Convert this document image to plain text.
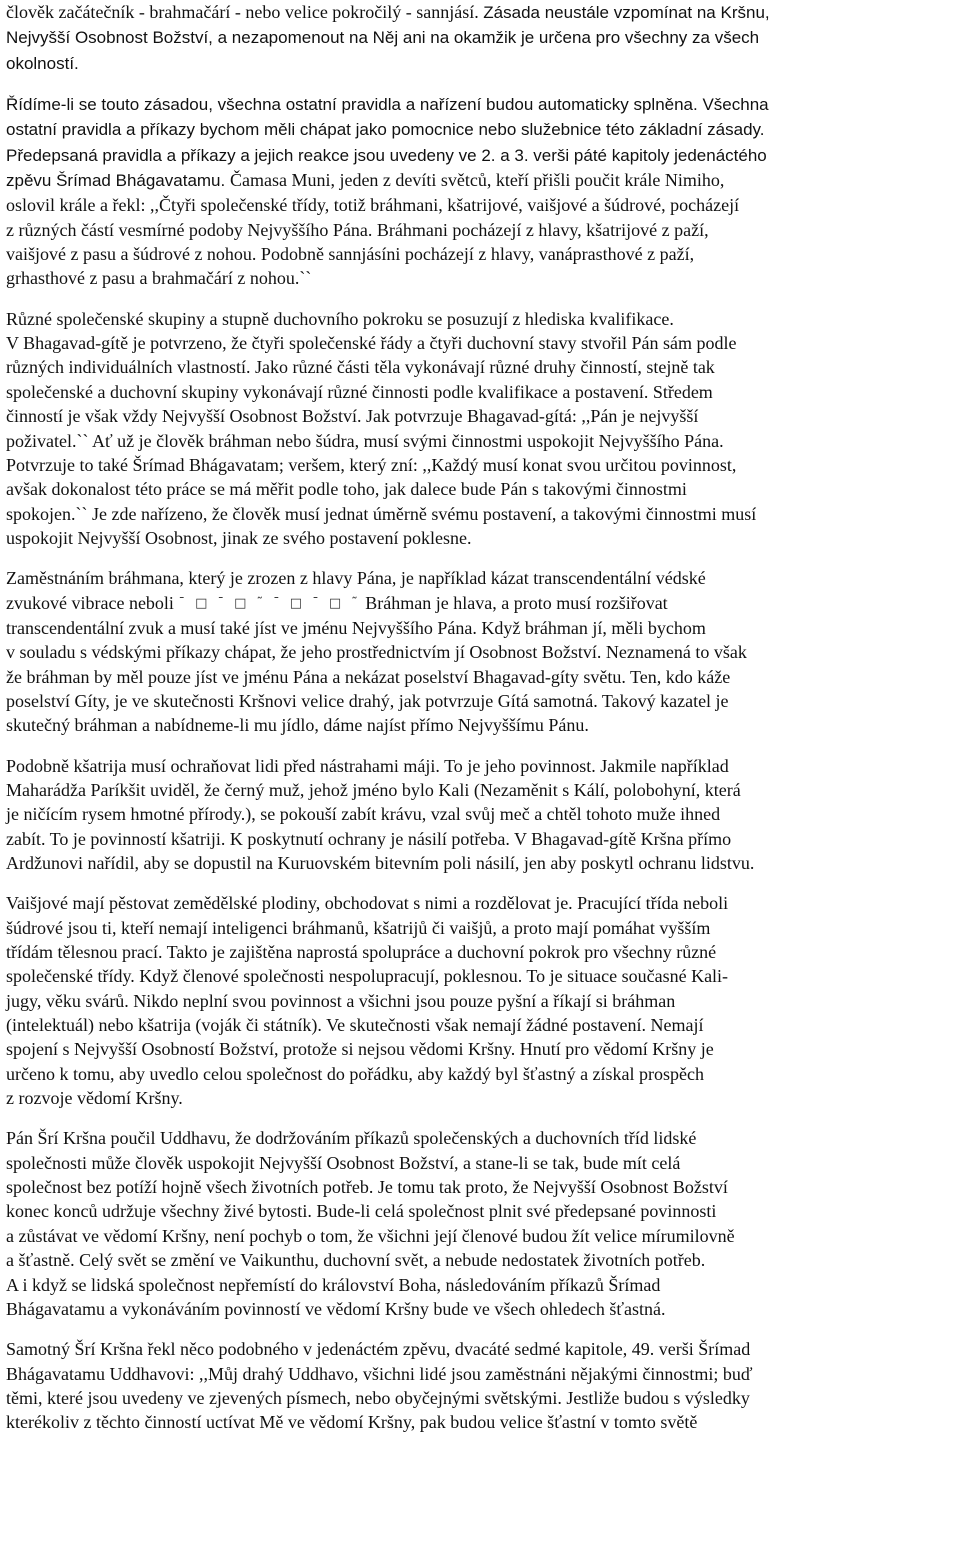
člověk začátečník - brahmačárí - nebo velice pokročilý - sannjásí. Zásada neustále vzpomínat na Kršnu,
Nejvyšší Osobnost Božství, a nezapomenout na Něj ani na okamžik je určena pro všechny za všech
okolností.
Řídíme-li se touto zásadou, všechna ostatní pravidla a nařízení budou automaticky splněna. Všechna
ostatní pravidla a příkazy bychom měli chápat jako pomocnice nebo služebnice této základní zásady.
Předepsaná pravidla a příkazy a jejich reakce jsou uvedeny ve 2. a 3. verši páté kapitoly jedenáctého
zpěvu Šrímad Bhágavatamu. Čamasa Muni, jeden z devíti světců, kteří přišli poučit krále Nimiho,
oslovil krále a řekl: ,,Čtyři společenské třídy, totiž bráhmani, kšatrijové, vaišjové a šúdrové, pocházejí
z různých částí vesmírné podoby Nejvyššího Pána. Bráhmani pocházejí z hlavy, kšatrijové z paží,
vaišjové z pasu a šúdrové z nohou. Podobně sannjásíni pocházejí z hlavy, vanáprasthové z paží,
grhasthové z pasu a brahmačárí z nohou.``
Různé společenské skupiny a stupně duchovního pokroku se posuzují z hlediska kvalifikace.
V Bhagavad-gítě je potvrzeno, že čtyři společenské řády a čtyři duchovní stavy stvořil Pán sám podle
různých individuálních vlastností. Jako různé části těla vykonávají různé druhy činností, stejně tak
společenské a duchovní skupiny vykonávají různé činnosti podle kvalifikace a postavení. Středem
činností je však vždy Nejvyšší Osobnost Božství. Jak potvrzuje Bhagavad-gítá: ,,Pán je nejvyšší
poživatel.`` Ať už je člověk bráhman nebo šúdra, musí svými činnostmi uspokojit Nejvyššího Pána.
Potvrzuje to také Šrímad Bhágavatam; veršem, který zní: ,,Každý musí konat svou určitou povinnost,
avšak dokonalost této práce se má měřit podle toho, jak dalece bude Pán s takovými činnostmi
spokojen.`` Je zde nařízeno, že člověk musí jednat úměrně svému postavení, a takovými činnostmi musí
uspokojit Nejvyšší Osobnost, jinak ze svého postavení poklesne.
Zaměstnáním bráhmana, který je zrozen z hlavy Pána, je například kázat transcendentální védské
zvukové vibrace neboli ¯ □ ¯ □ ˜ ¯ □ ¯ □ ˜ Bráhman je hlava, a proto musí rozšiřovat
transcendentální zvuk a musí také jíst ve jménu Nejvyššího Pána. Když bráhman jí, měli bychom
v souladu s védskými příkazy chápat, že jeho prostřednictvím jí Osobnost Božství. Neznamená to však
že bráhman by měl pouze jíst ve jménu Pána a nekázat poselství Bhagavad-gíty světu. Ten, kdo káže
poselství Gíty, je ve skutečnosti Kršnovi velice drahý, jak potvrzuje Gítá samotná. Takový kazatel je
skutečný bráhman a nabídneme-li mu jídlo, dáme najíst přímo Nejvyššímu Pánu.
Podobně kšatrija musí ochraňovat lidi před nástrahami máji. To je jeho povinnost. Jakmile například
Maharádža Paríkšit uviděl, že černý muž, jehož jméno bylo Kali (Nezaměnit s Kálí, polobohyní, která
je ničícím rysem hmotné přírody.), se pokouší zabít krávu, vzal svůj meč a chtěl tohoto muže ihned
zabít. To je povinností kšatriji. K poskytnutí ochrany je násilí potřeba. V Bhagavad-gítě Kršna přímo
Ardžunovi nařídil, aby se dopustil na Kuruovském bitevním poli násilí, jen aby poskytl ochranu lidstvu.
Vaišjové mají pěstovat zemědělské plodiny, obchodovat s nimi a rozdělovat je. Pracující třída neboli
šúdrové jsou ti, kteří nemají inteligenci bráhmanů, kšatrijů či vaišjů, a proto mají pomáhat vyšším
třídám tělesnou prací. Takto je zajištěna naprostá spolupráce a duchovní pokrok pro všechny různé
společenské třídy. Když členové společnosti nespolupracují, poklesnou. To je situace současné Kali-
jugy, věku svárů. Nikdo neplní svou povinnost a všichni jsou pouze pyšní a říkají si bráhman
(intelektuál) nebo kšatrija (voják či státník). Ve skutečnosti však nemají žádné postavení. Nemají
spojení s Nejvyšší Osobností Božství, protože si nejsou vědomi Kršny. Hnutí pro vědomí Kršny je
určeno k tomu, aby uvedlo celou společnost do pořádku, aby každý byl šťastný a získal prospěch
z rozvoje vědomí Kršny.
Pán Šrí Kršna poučil Uddhavu, že dodržováním příkazů společenských a duchovních tříd lidské
společnosti může člověk uspokojit Nejvyšší Osobnost Božství, a stane-li se tak, bude mít celá
společnost bez potíží hojně všech životních potřeb. Je tomu tak proto, že Nejvyšší Osobnost Božství
konec konců udržuje všechny živé bytosti. Bude-li celá společnost plnit své předepsané povinnosti
a zůstávat ve vědomí Kršny, není pochyb o tom, že všichni její členové budou žít velice mírumilovně
a šťastně. Celý svět se změní ve Vaikunthu, duchovní svět, a nebude nedostatek životních potřeb.
A i když se lidská společnost nepřemístí do království Boha, následováním příkazů Šrímad
Bhágavatamu a vykonáváním povinností ve vědomí Kršny bude ve všech ohledech šťastná.
Samotný Šrí Kršna řekl něco podobného v jedenáctém zpěvu, dvacáté sedmé kapitole, 49. verši Šrímad
Bhágavatamu Uddhavovi: ,,Můj drahý Uddhavo, všichni lidé jsou zaměstnáni nějakými činnostmi; buď
těmi, které jsou uvedeny ve zjevených písmech, nebo obyčejnými světskými. Jestliže budou s výsledky
kterékoliv z těchto činností uctívat Mě ve vědomí Kršny, pak budou velice šťastní v tomto světě
